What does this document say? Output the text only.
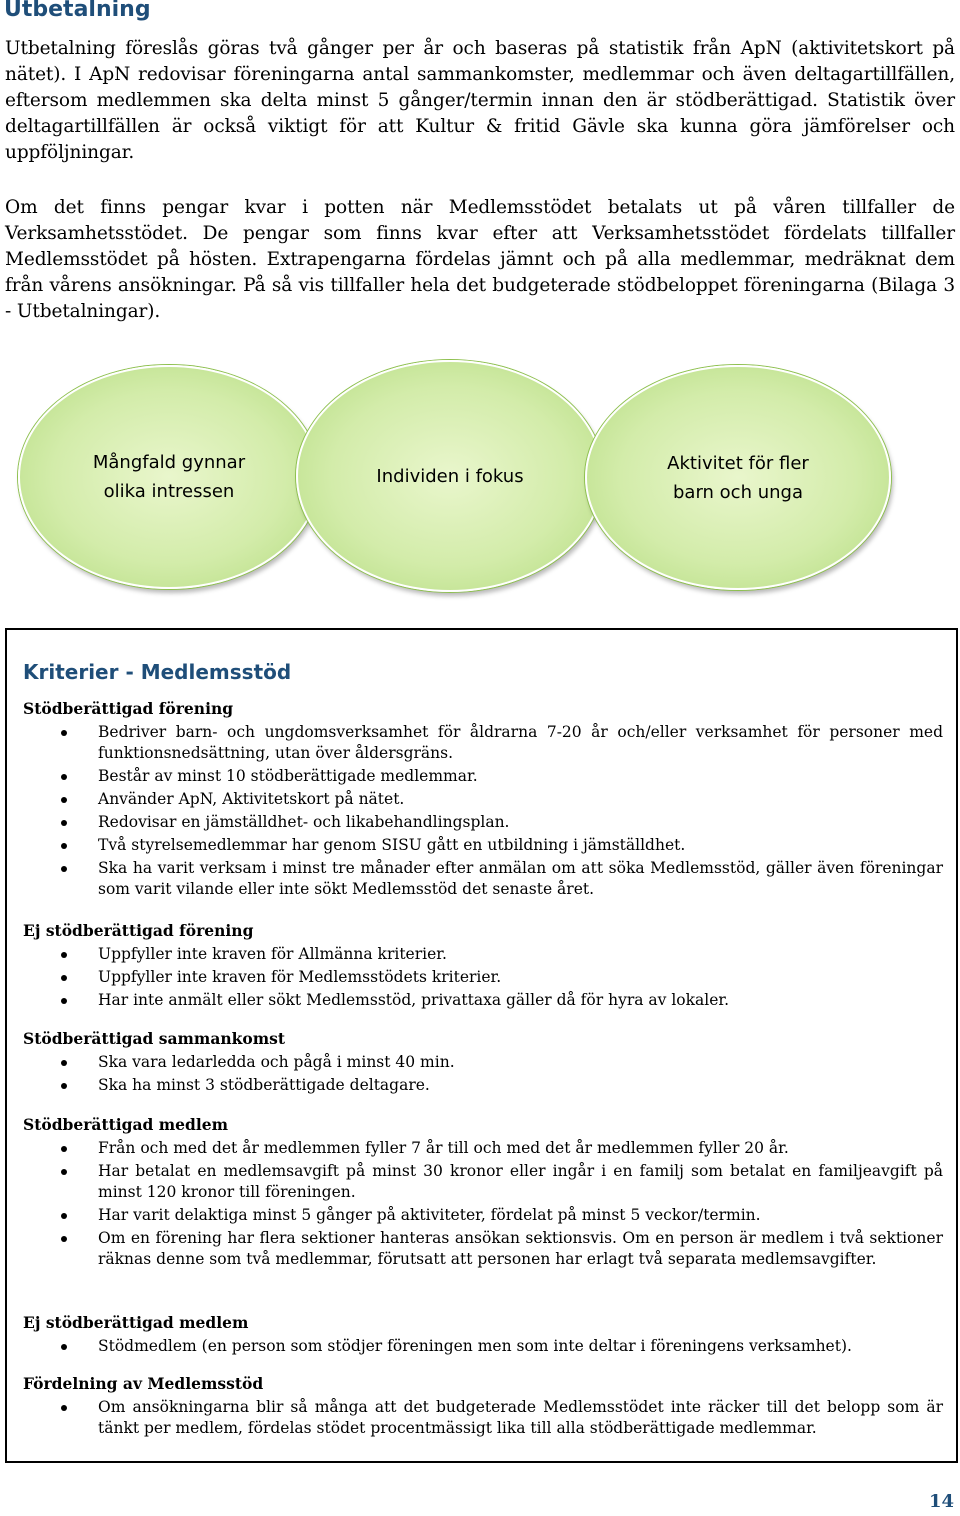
Utbetalning

Utbetalning föreslås göras två gånger per år och baseras på statistik från ApN (aktivitetskort på nätet). I ApN redovisar föreningarna antal sammankomster, medlemmar och även deltagartillfällen, eftersom medlemmen ska delta minst 5 gånger/termin innan den är stödberättigad. Statistik över deltagartillfällen är också viktigt för att Kultur & fritid Gävle ska kunna göra jämförelser och uppföljningar.

Om det finns pengar kvar i potten när Medlemsstödet betalats ut på våren tillfaller de Verksamhetsstödet. De pengar som finns kvar efter att Verksamhetsstödet fördelats tillfaller Medlemsstödet på hösten. Extrapengarna fördelas jämnt och på alla medlemmar, medräknat dem från vårens ansökningar. På så vis tillfaller hela det budgeterade stödbeloppet föreningarna (Bilaga 3 - Utbetalningar).

Mångfald gynnar
olika intressen
Individen i fokus
Aktivitet för fler
barn och unga
Kriterier - Medlemsstöd
Stödberättigad förening
Bedriver barn- och ungdomsverksamhet för åldrarna 7-20 år och/eller verksamhet för personer med funktionsnedsättning, utan över åldersgräns.
Består av minst 10 stödberättigade medlemmar.
Använder ApN, Aktivitetskort på nätet.
Redovisar en jämställdhet- och likabehandlingsplan.
Två styrelsemedlemmar har genom SISU gått en utbildning i jämställdhet.
Ska ha varit verksam i minst tre månader efter anmälan om att söka Medlemsstöd, gäller även föreningar som varit vilande eller inte sökt Medlemsstöd det senaste året.
Ej stödberättigad förening
Uppfyller inte kraven för Allmänna kriterier.
Uppfyller inte kraven för Medlemsstödets kriterier.
Har inte anmält eller sökt Medlemsstöd, privattaxa gäller då för hyra av lokaler.
Stödberättigad sammankomst
Ska vara ledarledda och pågå i minst 40 min.
Ska ha minst 3 stödberättigade deltagare.
Stödberättigad medlem
Från och med det år medlemmen fyller 7 år till och med det år medlemmen fyller 20 år.
Har betalat en medlemsavgift på minst 30 kronor eller ingår i en familj som betalat en familjeavgift på minst 120 kronor till föreningen.
Har varit delaktiga minst 5 gånger på aktiviteter, fördelat på minst 5 veckor/termin.
Om en förening har flera sektioner hanteras ansökan sektionsvis. Om en person är medlem i två sektioner räknas denne som två medlemmar, förutsatt att personen har erlagt två separata medlemsavgifter.
Ej stödberättigad medlem
Stödmedlem (en person som stödjer föreningen men som inte deltar i föreningens verksamhet).
Fördelning av Medlemsstöd
Om ansökningarna blir så många att det budgeterade Medlemsstödet inte räcker till det belopp som är tänkt per medlem, fördelas stödet procentmässigt lika till alla stödberättigade medlemmar.

14
